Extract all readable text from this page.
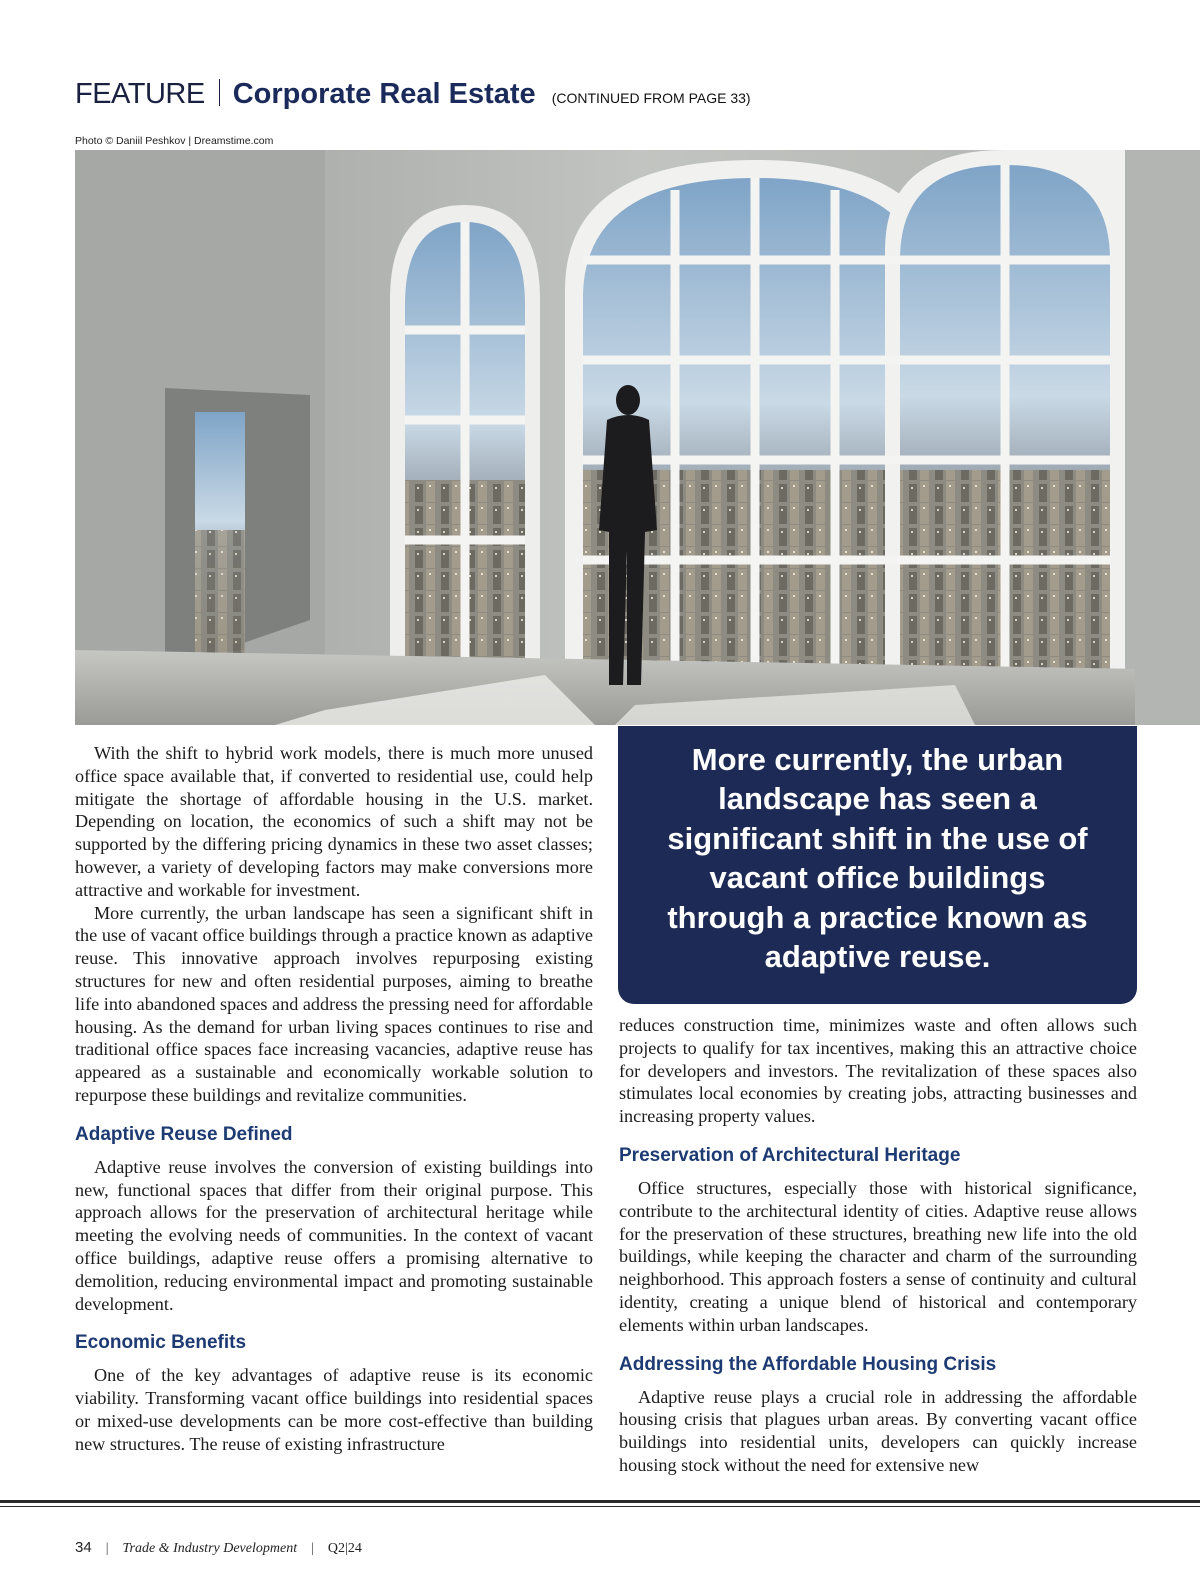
FEATURE Corporate Real Estate (CONTINUED FROM PAGE 33)
Photo © Daniil Peshkov | Dreamstime.com

With the shift to hybrid work models, there is much more unused office space available that, if converted to residential use, could help mitigate the shortage of affordable housing in the U.S. market. Depending on location, the economics of such a shift may not be supported by the differing pricing dynamics in these two asset classes; however, a variety of developing factors may make conversions more attractive and workable for investment.

More currently, the urban landscape has seen a significant shift in the use of vacant office buildings through a practice known as adaptive reuse. This innovative approach involves repurposing existing structures for new and often residential purposes, aiming to breathe life into abandoned spaces and address the pressing need for affordable housing. As the demand for urban living spaces continues to rise and traditional office spaces face increasing vacancies, adaptive reuse has appeared as a sustainable and economically workable solution to repurpose these buildings and revitalize communities.

Adaptive Reuse Defined

Adaptive reuse involves the conversion of existing buildings into new, functional spaces that differ from their original purpose. This approach allows for the preservation of architectural heritage while meeting the evolving needs of communities. In the context of vacant office buildings, adaptive reuse offers a promising alternative to demolition, reducing environmental impact and promoting sustainable development.

Economic Benefits

One of the key advantages of adaptive reuse is its economic viability. Transforming vacant office buildings into residential spaces or mixed-use developments can be more cost-effective than building new structures. The reuse of existing infrastructure

More currently, the urban landscape has seen a significant shift in the use of vacant office buildings through a practice known as adaptive reuse.

reduces construction time, minimizes waste and often allows such projects to qualify for tax incentives, making this an attractive choice for developers and investors. The revitalization of these spaces also stimulates local economies by creating jobs, attracting businesses and increasing property values.

Preservation of Architectural Heritage

Office structures, especially those with historical significance, contribute to the architectural identity of cities. Adaptive reuse allows for the preservation of these structures, breathing new life into the old buildings, while keeping the character and charm of the surrounding neighborhood. This approach fosters a sense of continuity and cultural identity, creating a unique blend of historical and contemporary elements within urban landscapes.

Addressing the Affordable Housing Crisis

Adaptive reuse plays a crucial role in addressing the affordable housing crisis that plagues urban areas. By converting vacant office buildings into residential units, developers can quickly increase housing stock without the need for extensive new

34 | Trade & Industry Development | Q2|24
